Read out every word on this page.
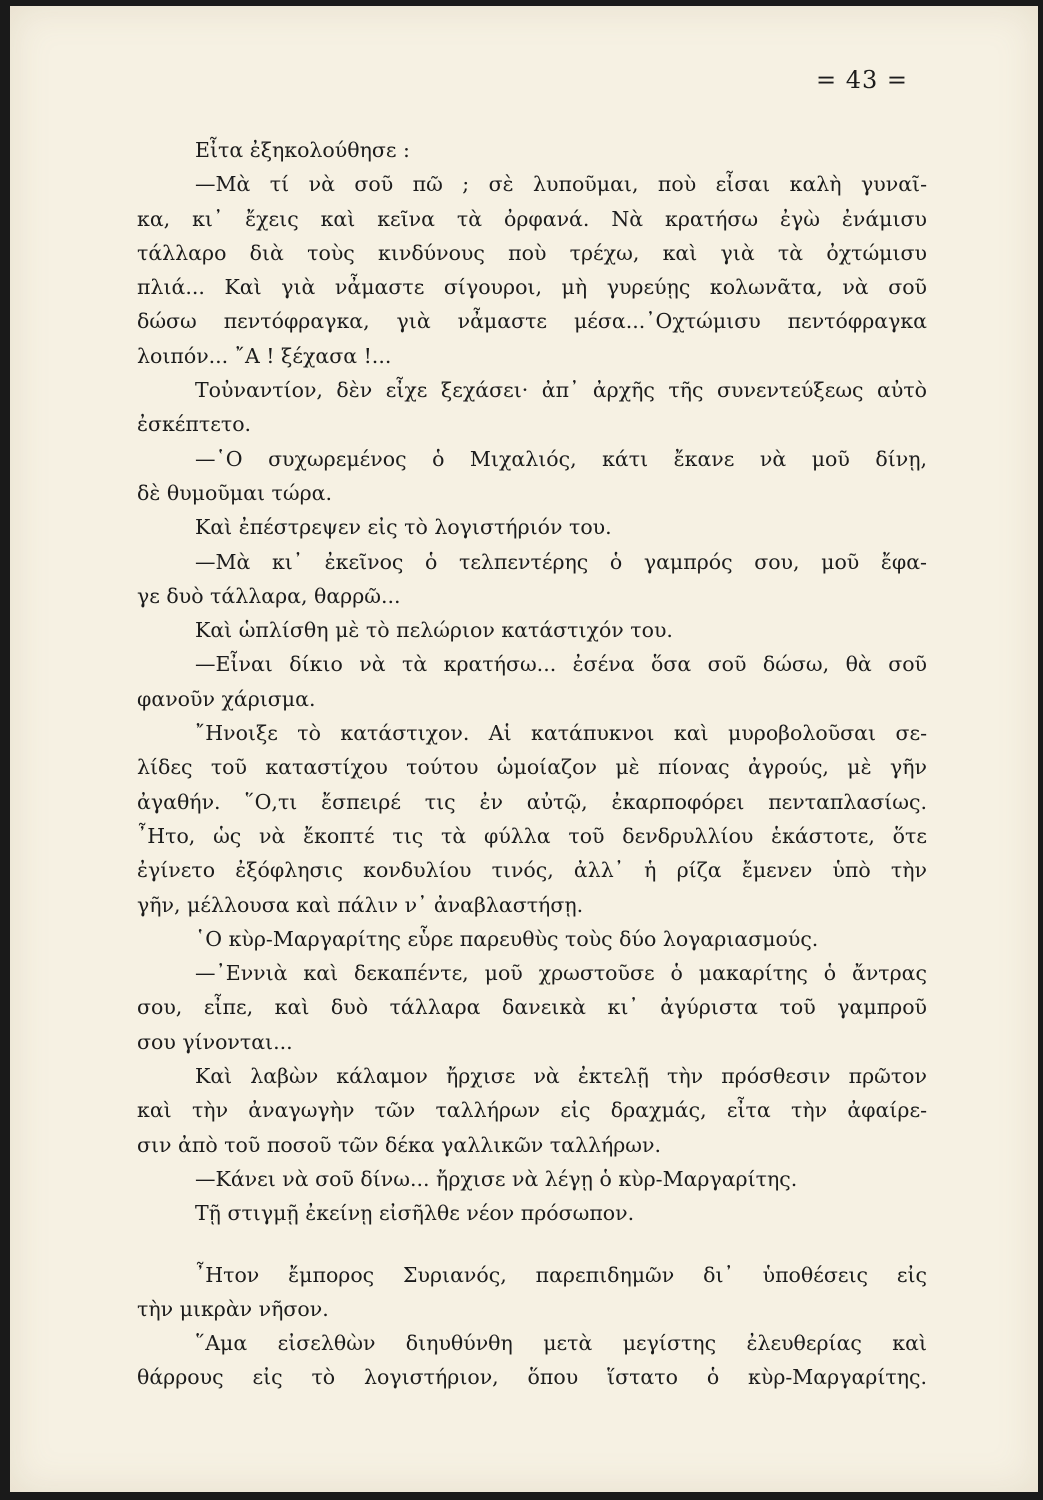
= 43 =
Εἶτα ἐξηκολούθησε :
—Μὰ τί νὰ σοῦ πῶ ; σὲ λυποῦμαι, ποὺ εἶσαι καλὴ γυναῖ-
κα, κι᾿ ἔχεις καὶ κεῖνα τὰ ὀρφανά. Νὰ κρατήσω ἐγὼ ἐνάμισυ
τάλλαρο διὰ τοὺς κινδύνους ποὺ τρέχω, καὶ γιὰ τὰ ὀχτώμισυ
πλιά... Καὶ γιὰ νἆμαστε σίγουροι, μὴ γυρεύῃς κολωνᾶτα, νὰ σοῦ
δώσω πεντόφραγκα, γιὰ νἆμαστε μέσα...᾿Οχτώμισυ πεντόφραγκα
λοιπόν... ῎Α ! ξέχασα !...
Τοὐναντίον, δὲν εἶχε ξεχάσει· ἀπ᾿ ἀρχῆς τῆς συνεντεύξεως αὐτὸ
ἐσκέπτετο.
—῾Ο συχωρεμένος ὁ Μιχαλιός, κάτι ἔκανε νὰ μοῦ δίνῃ,
δὲ θυμοῦμαι τώρα.
Καὶ ἐπέστρεψεν εἰς τὸ λογιστήριόν του.
—Μὰ κι᾿ ἐκεῖνος ὁ τελπεντέρης ὁ γαμπρός σου, μοῦ ἔφα-
γε δυὸ τάλλαρα, θαρρῶ...
Καὶ ὡπλίσθη μὲ τὸ πελώριον κατάστιχόν του.
—Εἶναι δίκιο νὰ τὰ κρατήσω... ἐσένα ὅσα σοῦ δώσω, θὰ σοῦ
φανοῦν χάρισμα.
῎Ηνοιξε τὸ κατάστιχον. Αἱ κατάπυκνοι καὶ μυροβολοῦσαι σε-
λίδες τοῦ καταστίχου τούτου ὡμοίαζον μὲ πίονας ἀγρούς, μὲ γῆν
ἀγαθήν. ῞Ο,τι ἔσπειρέ τις ἐν αὐτῷ, ἐκαρποφόρει πενταπλασίως.
῏Ητο, ὡς νὰ ἔκοπτέ τις τὰ φύλλα τοῦ δενδρυλλίου ἑκάστοτε, ὅτε
ἐγίνετο ἐξόφλησις κονδυλίου τινός, ἀλλ᾿ ἡ ρίζα ἔμενεν ὑπὸ τὴν
γῆν, μέλλουσα καὶ πάλιν ν᾿ ἀναβλαστήσῃ.
῾Ο κὺρ-Μαργαρίτης εὗρε παρευθὺς τοὺς δύο λογαριασμούς.
—᾿Εννιὰ καὶ δεκαπέντε, μοῦ χρωστοῦσε ὁ μακαρίτης ὁ ἄντρας
σου, εἶπε, καὶ δυὸ τάλλαρα δανεικὰ κι᾿ ἀγύριστα τοῦ γαμπροῦ
σου γίνονται...
Καὶ λαβὼν κάλαμον ἤρχισε νὰ ἐκτελῇ τὴν πρόσθεσιν πρῶτον
καὶ τὴν ἀναγωγὴν τῶν ταλλήρων εἰς δραχμάς, εἶτα τὴν ἀφαίρε-
σιν ἀπὸ τοῦ ποσοῦ τῶν δέκα γαλλικῶν ταλλήρων.
—Κάνει νὰ σοῦ δίνω... ἤρχισε νὰ λέγῃ ὁ κὺρ-Μαργαρίτης.
Τῇ στιγμῇ ἐκείνῃ εἰσῆλθε νέον πρόσωπον.
῏Ητον ἔμπορος Συριανός, παρεπιδημῶν δι᾿ ὑποθέσεις εἰς
τὴν μικρὰν νῆσον.
῞Αμα εἰσελθὼν διηυθύνθη μετὰ μεγίστης ἐλευθερίας καὶ
θάρρους εἰς τὸ λογιστήριον, ὅπου ἵστατο ὁ κὺρ-Μαργαρίτης.
